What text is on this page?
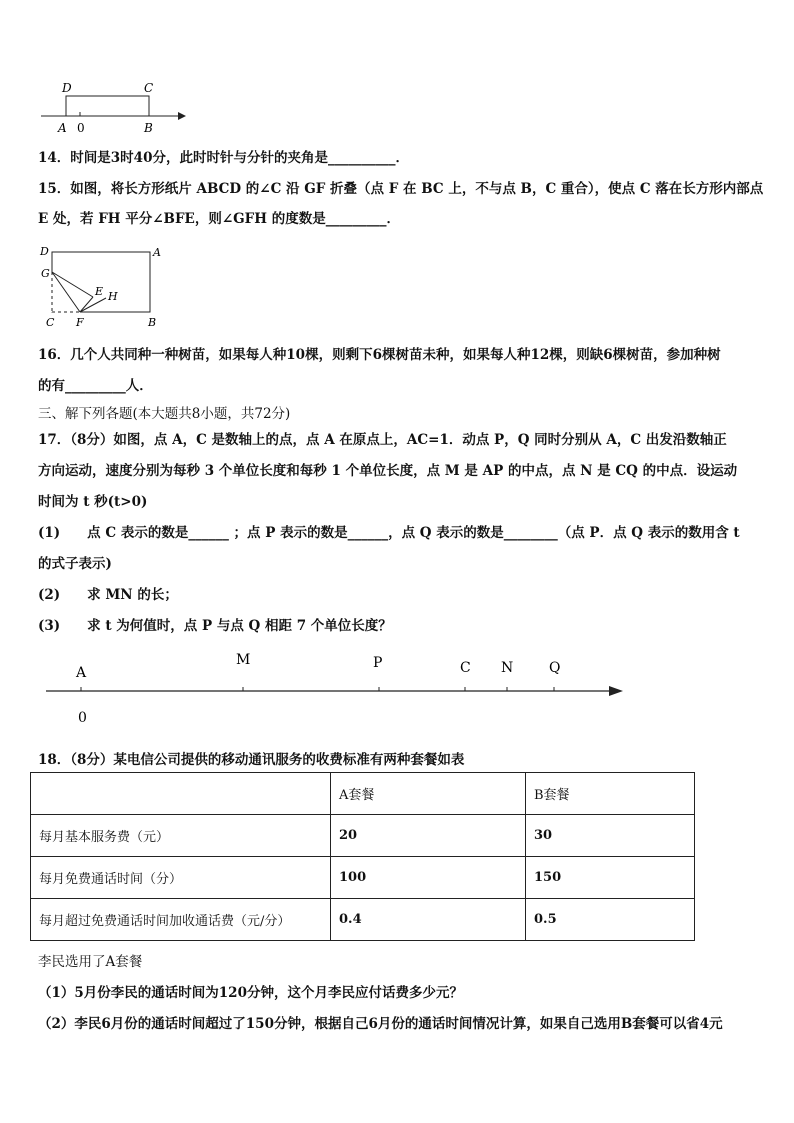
D	C
A 0	B
14．时间是3时40分，此时时针与分针的夹角是__________．
15．如图，将长方形纸片 ABCD 的∠C 沿 GF 折叠（点 F 在 BC 上，不与点 B，C 重合），使点 C 落在长方形内部点
E 处，若 FH 平分∠BFE，则∠GFH 的度数是_________．
D	A
G
E H
C F	B
16．几个人共同种一种树苗，如果每人种10棵，则剩下6棵树苗未种，如果每人种12棵，则缺6棵树苗，参加种树
的有_________人．
三、解下列各题(本大题共8小题，共72分)
17．（8分）如图，点 A，C 是数轴上的点，点 A 在原点上，AC=1．动点 P，Q 同时分别从 A，C 出发沿数轴正
方向运动，速度分别为每秒 3 个单位长度和每秒 1 个单位长度，点 M 是 AP 的中点，点 N 是 CQ 的中点．设运动
时间为 t 秒(t>0)
(1)　　点 C 表示的数是______ ；点 P 表示的数是______，点 Q 表示的数是________（点 P．点 Q 表示的数用含 t
的式子表示)
(2)　　求 MN 的长；
(3)　　求 t 为何值时，点 P 与点 Q 相距 7 个单位长度？
A
M	P	C N	Q
0
18．（8分）某电信公司提供的移动通讯服务的收费标准有两种套餐如表
	A套餐	B套餐
每月基本服务费（元）	20	30
每月免费通话时间（分）	100	150
每月超过免费通话时间加收通话费（元/分）	0.4	0.5
李民选用了A套餐
（1）5月份李民的通话时间为120分钟，这个月李民应付话费多少元？
（2）李民6月份的通话时间超过了150分钟，根据自己6月份的通话时间情况计算，如果自己选用B套餐可以省4元
